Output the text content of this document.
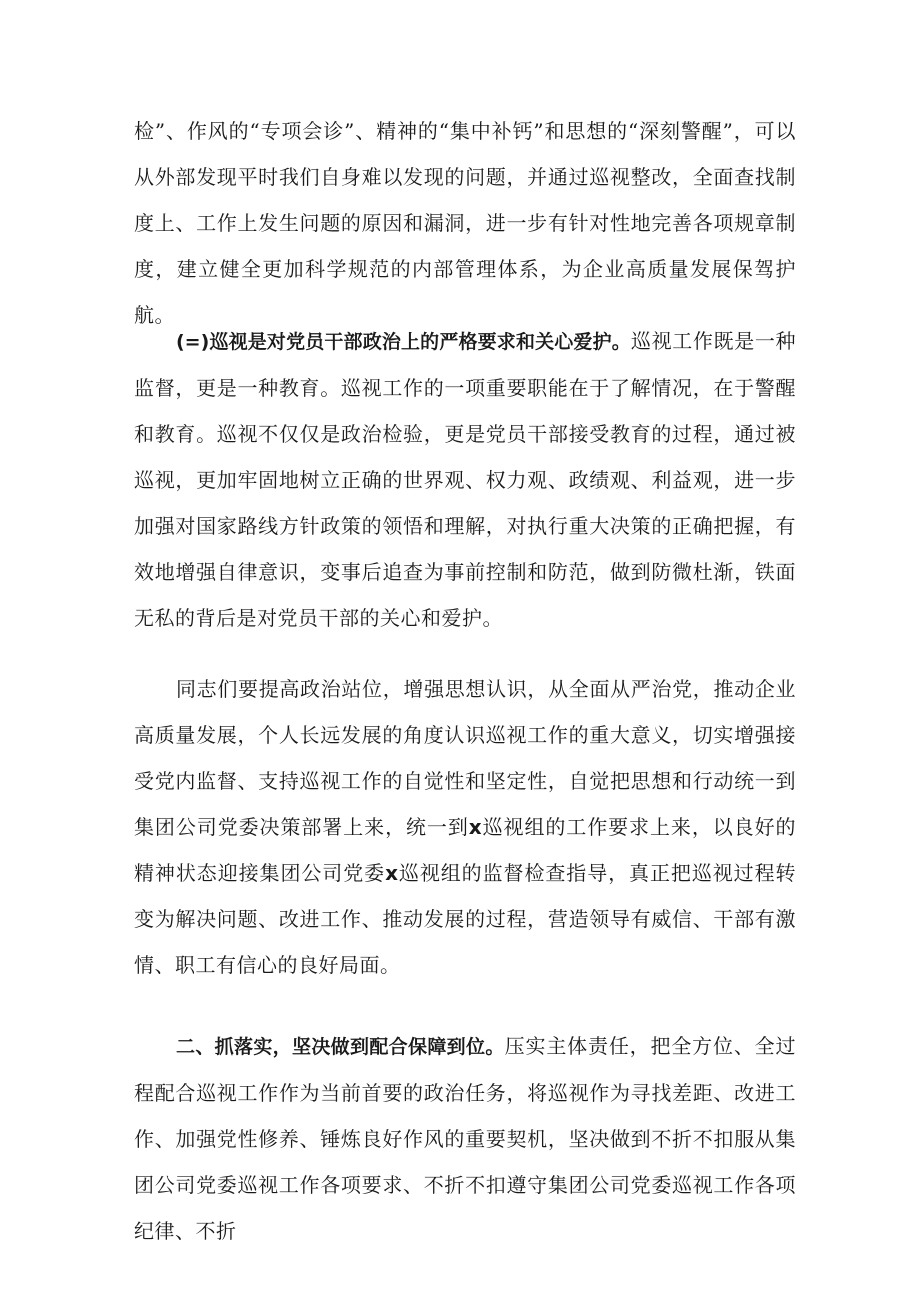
检”、作风的“专项会诊”、精神的“集中补钙”和思想的“深刻警醒”，可以从外部发现平时我们自身难以发现的问题，并通过巡视整改，全面查找制度上、工作上发生问题的原因和漏洞，进一步有针对性地完善各项规章制度，建立健全更加科学规范的内部管理体系，为企业高质量发展保驾护航。

(=)巡视是对党员干部政治上的严格要求和关心爱护。巡视工作既是一种监督，更是一种教育。巡视工作的一项重要职能在于了解情况，在于警醒和教育。巡视不仅仅是政治检验，更是党员干部接受教育的过程，通过被巡视，更加牢固地树立正确的世界观、权力观、政绩观、利益观，进一步加强对国家路线方针政策的领悟和理解，对执行重大决策的正确把握，有效地增强自律意识，变事后追查为事前控制和防范，做到防微杜渐，铁面无私的背后是对党员干部的关心和爱护。

同志们要提高政治站位，增强思想认识，从全面从严治党，推动企业高质量发展，个人长远发展的角度认识巡视工作的重大意义，切实增强接受党内监督、支持巡视工作的自觉性和坚定性，自觉把思想和行动统一到集团公司党委决策部署上来，统一到x巡视组的工作要求上来，以良好的精神状态迎接集团公司党委x巡视组的监督检查指导，真正把巡视过程转变为解决问题、改进工作、推动发展的过程，营造领导有威信、干部有激情、职工有信心的良好局面。

二、抓落实，坚决做到配合保障到位。压实主体责任，把全方位、全过程配合巡视工作作为当前首要的政治任务，将巡视作为寻找差距、改进工作、加强党性修养、锤炼良好作风的重要契机，坚决做到不折不扣服从集团公司党委巡视工作各项要求、不折不扣遵守集团公司党委巡视工作各项纪律、不折
